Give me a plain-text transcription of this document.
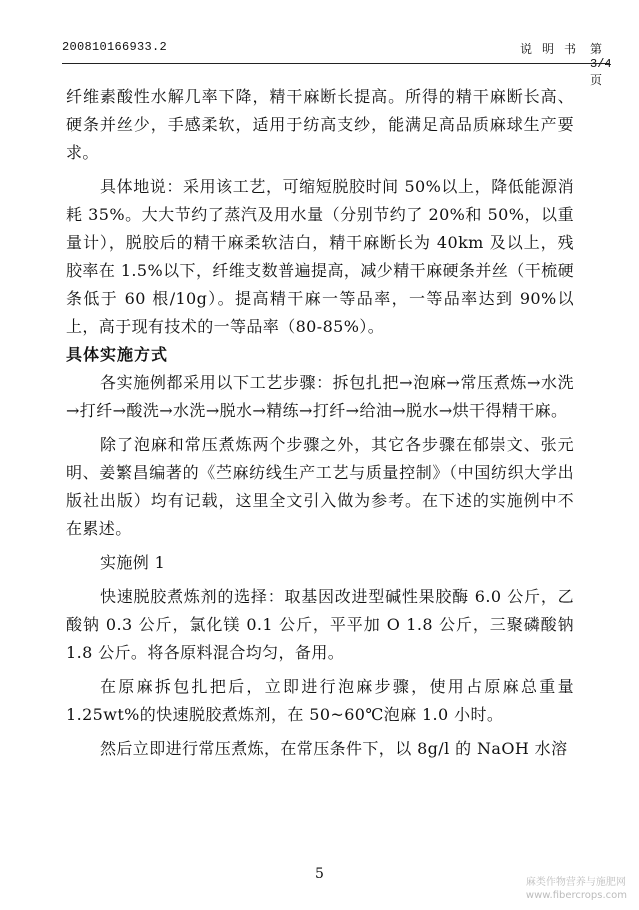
200810166933.2	说明书 第3/4页

纤维素酸性水解几率下降，精干麻断长提高。所得的精干麻断长高、硬条并丝少，手感柔软，适用于纺高支纱，能满足高品质麻球生产要求。

具体地说：采用该工艺，可缩短脱胶时间 50%以上，降低能源消耗 35%。大大节约了蒸汽及用水量（分别节约了 20%和 50%，以重量计），脱胶后的精干麻柔软洁白，精干麻断长为 40km 及以上，残胶率在 1.5%以下，纤维支数普遍提高，减少精干麻硬条并丝（干梳硬条低于 60 根/10g）。提高精干麻一等品率，一等品率达到 90%以上，高于现有技术的一等品率（80-85%）。

具体实施方式

各实施例都采用以下工艺步骤：拆包扎把→泡麻→常压煮炼→水洗→打纤→酸洗→水洗→脱水→精练→打纤→给油→脱水→烘干得精干麻。

除了泡麻和常压煮炼两个步骤之外，其它各步骤在郁崇文、张元明、姜繁昌编著的《苎麻纺线生产工艺与质量控制》（中国纺织大学出版社出版）均有记载，这里全文引入做为参考。在下述的实施例中不在累述。

实施例 1

快速脱胶煮炼剂的选择：取基因改进型碱性果胶酶 6.0 公斤，乙酸钠 0.3 公斤，氯化镁 0.1 公斤，平平加 O 1.8 公斤，三聚磷酸钠 1.8 公斤。将各原料混合均匀，备用。

在原麻拆包扎把后，立即进行泡麻步骤，使用占原麻总重量 1.25wt%的快速脱胶煮炼剂，在 50~60℃泡麻 1.0 小时。

然后立即进行常压煮炼，在常压条件下，以 8g/l 的 NaOH 水溶

5
麻类作物营养与施肥网
www.fibercrops.com
